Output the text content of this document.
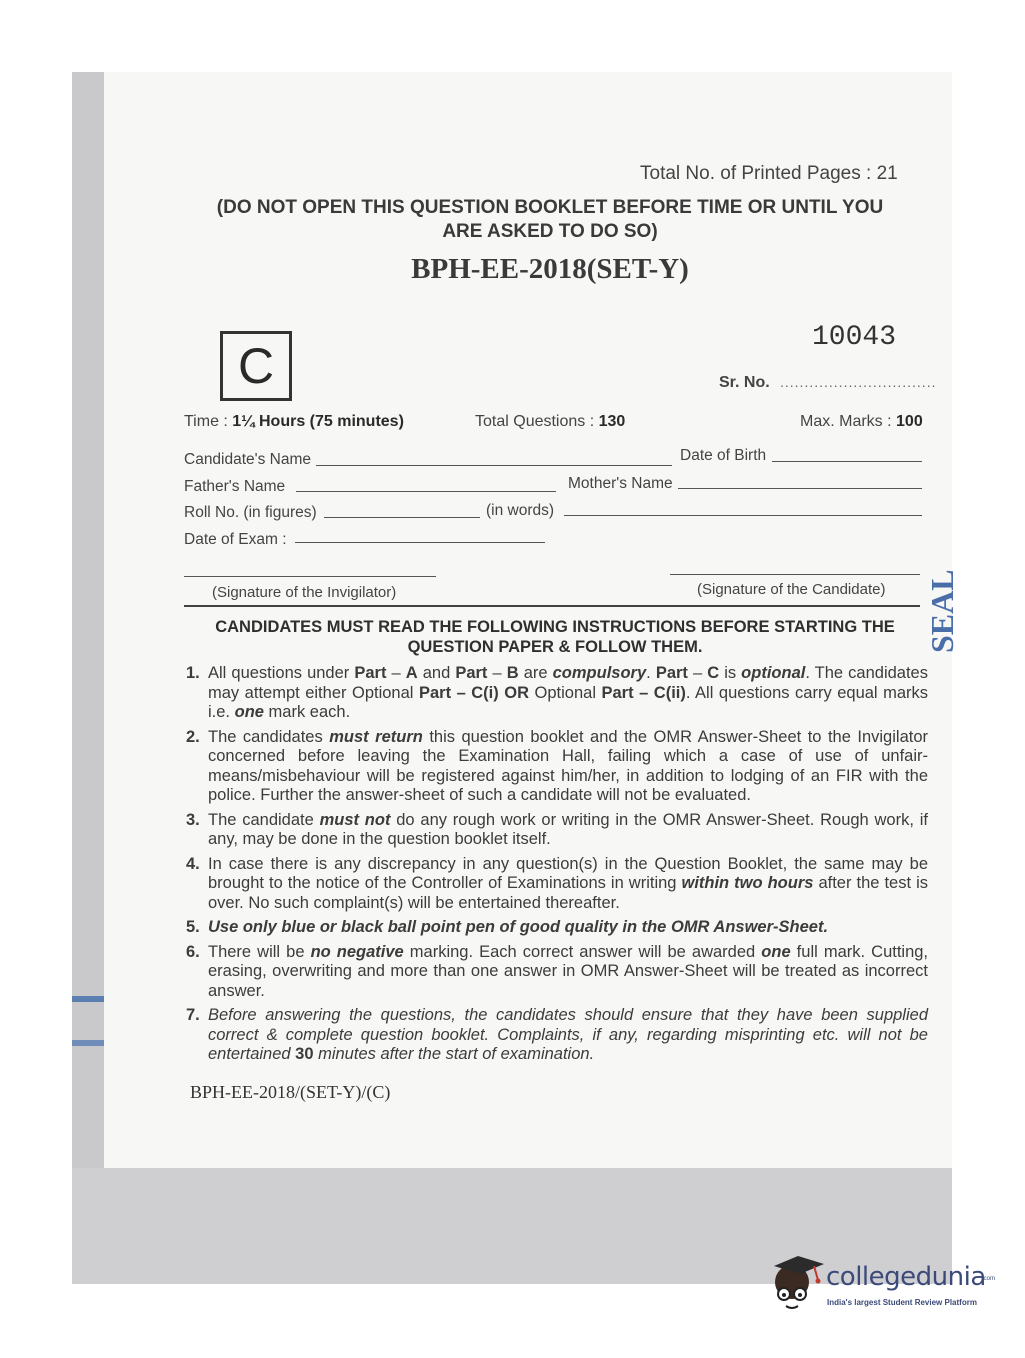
Total No. of Printed Pages : 21
(DO NOT OPEN THIS QUESTION BOOKLET BEFORE TIME OR UNTIL YOU
ARE ASKED TO DO SO)
BPH-EE-2018(SET-Y)
C
10043
Sr. No. ................................
Time : 1¼ Hours (75 minutes)	Total Questions : 130	Max. Marks : 100
Candidate's Name	Date of Birth
Father's Name	Mother's Name
Roll No. (in figures)	(in words)
Date of Exam :
(Signature of the Invigilator)	(Signature of the Candidate) SEAL
CANDIDATES MUST READ THE FOLLOWING INSTRUCTIONS BEFORE STARTING THE
QUESTION PAPER & FOLLOW THEM.
1. All questions under Part – A and Part – B are compulsory. Part – C is optional. The candidates may attempt either Optional Part – C(i) OR Optional Part – C(ii). All questions carry equal marks i.e. one mark each.
2. The candidates must return this question booklet and the OMR Answer-Sheet to the Invigilator concerned before leaving the Examination Hall, failing which a case of use of unfair-means/misbehaviour will be registered against him/her, in addition to lodging of an FIR with the police. Further the answer-sheet of such a candidate will not be evaluated.
3. The candidate must not do any rough work or writing in the OMR Answer-Sheet. Rough work, if any, may be done in the question booklet itself.
4. In case there is any discrepancy in any question(s) in the Question Booklet, the same may be brought to the notice of the Controller of Examinations in writing within two hours after the test is over. No such complaint(s) will be entertained thereafter.
5. Use only blue or black ball point pen of good quality in the OMR Answer-Sheet.
6. There will be no negative marking. Each correct answer will be awarded one full mark. Cutting, erasing, overwriting and more than one answer in OMR Answer-Sheet will be treated as incorrect answer.
7. Before answering the questions, the candidates should ensure that they have been supplied correct & complete question booklet. Complaints, if any, regarding misprinting etc. will not be entertained 30 minutes after the start of examination.
BPH-EE-2018/(SET-Y)/(C)
collegedunia
.com
India's largest Student Review Platform
